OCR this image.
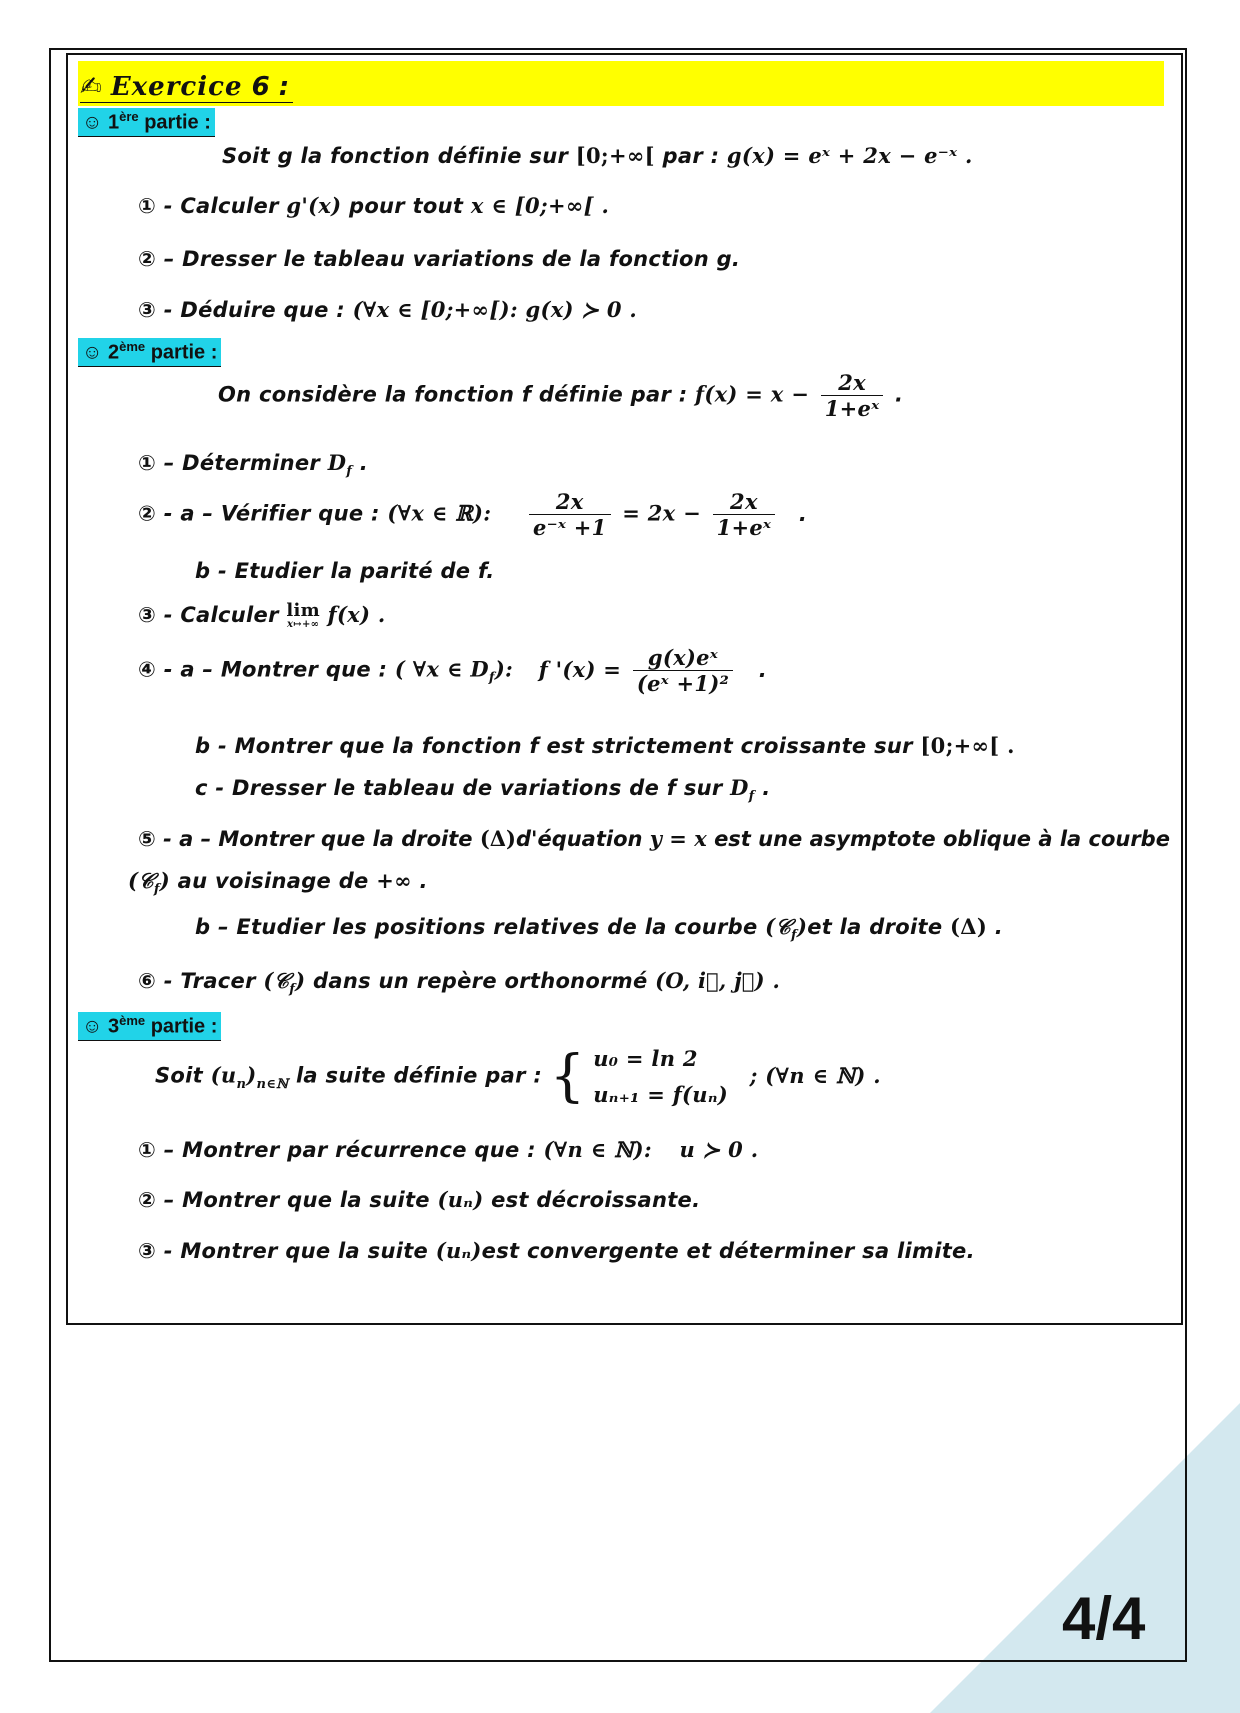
✍ Exercice 6 :
☺ 1ère partie :
Soit g la fonction définie sur [0;+∞[ par : g(x) = eˣ + 2x − e⁻ˣ .
① - Calculer g'(x) pour tout x ∈ [0;+∞[ .
② – Dresser le tableau variations de la fonction g.
③ - Déduire que : (∀x ∈ [0;+∞[): g(x) ≻ 0 .
☺ 2ème partie :
On considère la fonction f définie par : $f(x) = x - \frac{2x}{\text{1+eˣ}}$ .
① – Déterminer $D_f$ .
② - a – Vérifier que : (∀x ∈ ℝ): $\frac{2x}{\text{e⁻ˣ +1}} = 2x - \frac{2x}{\text{1+eˣ}}$ .
b - Etudier la parité de f.
③ - Calculer lim
x↦+∞ f(x) .
④ - a – Montrer que : ( ∀x ∈ $D_f$): f '$(x) = \frac{\text{g(x)eˣ}}{\text{(eˣ +1)²}}$ .
b - Montrer que la fonction f est strictement croissante sur [0;+∞[ .
c - Dresser le tableau de variations de f sur $D_f$ .
⑤ - a – Montrer que la droite (Δ)d'équation y = x est une asymptote oblique à la courbe
(𝒞$_f$) au voisinage de +∞ .
b – Etudier les positions relatives de la courbe (𝒞$_f$)et la droite (Δ) .
⑥ - Tracer (𝒞$_f$) dans un repère orthonormé (O, i⃗, j⃗) .
☺ 3ème partie :
Soit $(u_n)_{n\in ℕ}$ la suite définie par : { u₀ = ln 2
uₙ₊₁ = f(uₙ)
; (∀n ∈ ℕ) .
① – Montrer par récurrence que : (∀n ∈ ℕ): u ≻ 0 .
② – Montrer que la suite (uₙ) est décroissante.
③ - Montrer que la suite (uₙ)est convergente et déterminer sa limite.
4/4
